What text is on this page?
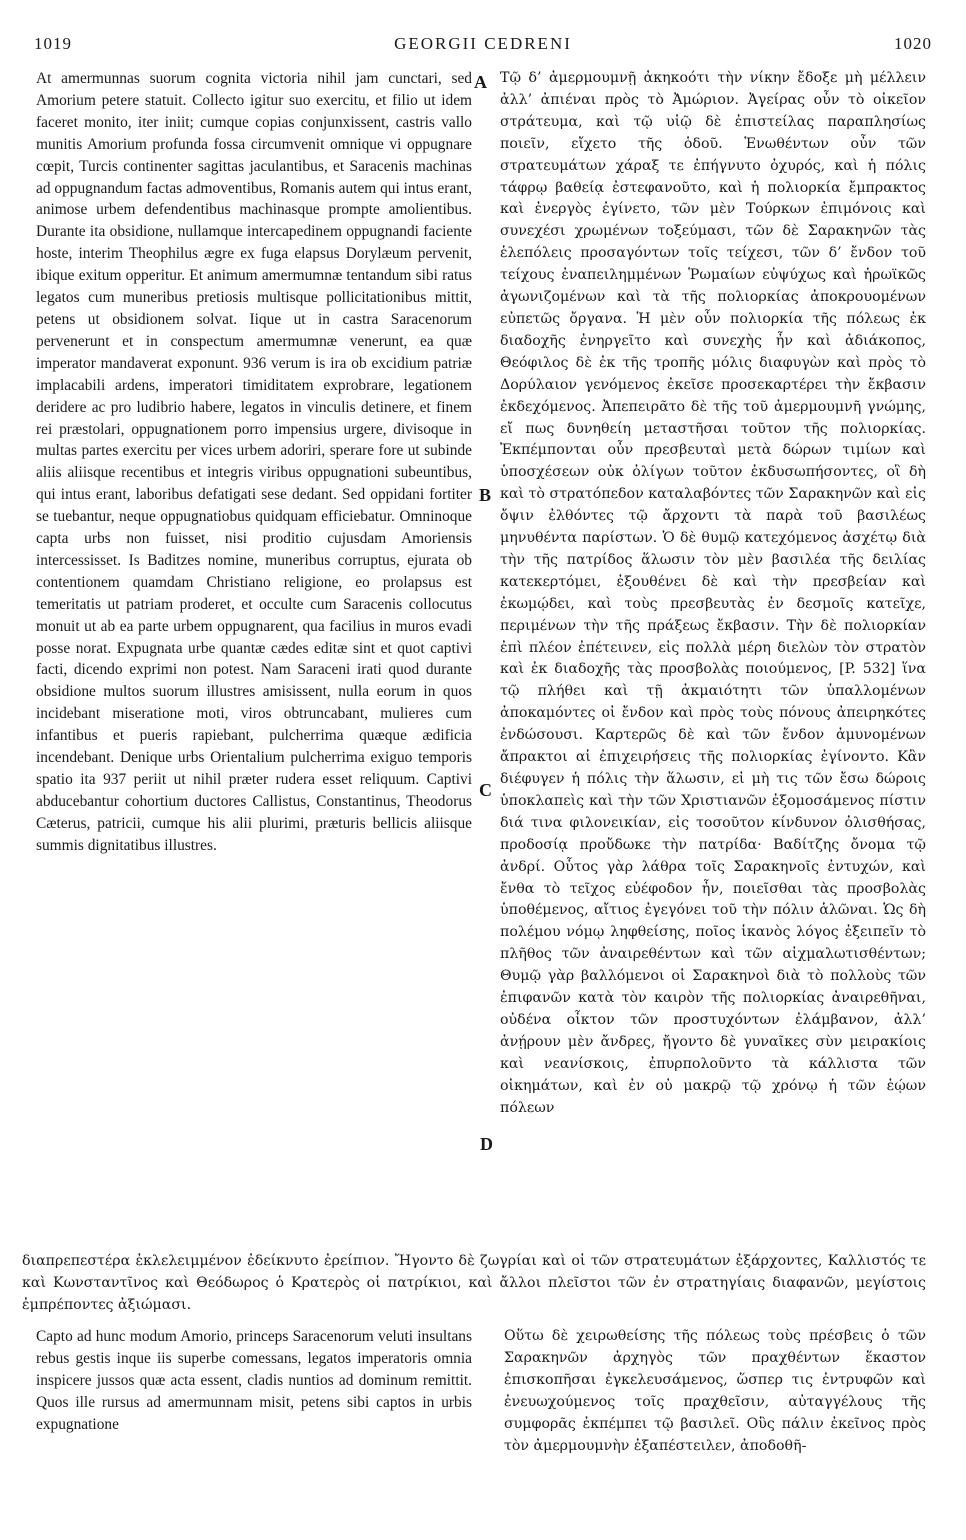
1019	GEORGII CEDRENI	1020

At amermunnas suorum cognita victoria nihil jam cunctari, sed Amorium petere statuit. Collecto igitur suo exercitu, et filio ut idem faceret monito, iter iniit; cumque copias conjunxissent, castris vallo munitis Amorium profunda fossa circumvenit omnique vi oppugnare cœpit, Turcis continenter sagittas jaculantibus, et Saracenis machinas ad oppugnandum factas admoventibus, Romanis autem qui intus erant, animose urbem defendentibus machinasque prompte amolientibus. Durante ita obsidione, nullamque intercapedinem oppugnandi faciente hoste, interim Theophilus ægre ex fuga elapsus Dorylæum pervenit, ibique exitum opperitur. Et animum amermumnæ tentandum sibi ratus legatos cum muneribus pretiosis multisque pollicitationibus mittit, petens ut obsidionem solvat. Iique ut in castra Saracenorum pervenerunt et in conspectum amermumnæ venerunt, ea quæ imperator mandaverat exponunt. 936 verum is ira ob excidium patriæ implacabili ardens, imperatori timiditatem exprobrare, legationem deridere ac pro ludibrio habere, legatos in vinculis detinere, et finem rei præstolari, oppugnationem porro impensius urgere, divisoque in multas partes exercitu per vices urbem adoriri, sperare fore ut subinde aliis aliisque recentibus et integris viribus oppugnationi subeuntibus, qui intus erant, laboribus defatigati sese dedant. Sed oppidani fortiter se tuebantur, neque oppugnatiobus quidquam efficiebatur. Omninoque capta urbs non fuisset, nisi proditio cujusdam Amoriensis intercessisset. Is Baditzes nomine, muneribus corruptus, ejurata ob contentionem quamdam Christiano religione, eo prolapsus est temeritatis ut patriam proderet, et occulte cum Saracenis collocutus monuit ut ab ea parte urbem oppugnarent, qua facilius in muros evadi posse norat. Expugnata urbe quantæ cædes editæ sint et quot captivi facti, dicendo exprimi non potest. Nam Saraceni irati quod durante obsidione multos suorum illustres amisissent, nulla eorum in quos incidebant miseratione moti, viros obtruncabant, mulieres cum infantibus et pueris rapiebant, pulcherrima quæque ædificia incendebant. Denique urbs Orientalium pulcherrima exiguo temporis spatio ita 937 periit ut nihil præter rudera esset reliquum. Captivi abducebantur cohortium ductores Callistus, Constantinus, Theodorus Cæterus, patricii, cumque his alii plurimi, præturis bellicis aliisque summis dignitatibus illustres.

Τῷ δ’ ἀμερμουμνῇ ἀκηκοότι τὴν νίκην ἔδοξε μὴ μέλλειν ἀλλ’ ἀπιέναι πρὸς τὸ Ἀμώριον. Ἀγείρας οὖν τὸ οἰκεῖον στράτευμα, καὶ τῷ υἱῷ δὲ ἐπιστείλας παραπλησίως ποιεῖν, εἴχετο τῆς ὁδοῦ. Ἑνωθέντων οὖν τῶν στρατευμάτων χάραξ τε ἐπήγνυτο ὀχυρός, καὶ ἡ πόλις τάφρῳ βαθείᾳ ἐστεφανοῦτο, καὶ ἡ πολιορκία ἔμπρακτος καὶ ἐνεργὸς ἐγίνετο, τῶν μὲν Τούρκων ἐπιμόνοις καὶ συνεχέσι χρωμένων τοξεύμασι, τῶν δὲ Σαρακηνῶν τὰς ἑλεπόλεις προσαγόντων τοῖς τείχεσι, τῶν δ’ ἔνδον τοῦ τείχους ἐναπειλημμένων Ῥωμαίων εὐψύχως καὶ ἡρωϊκῶς ἀγωνιζομένων καὶ τὰ τῆς πολιορκίας ἀποκρουομένων εὐπετῶς ὄργανα. Ἡ μὲν οὖν πολιορκία τῆς πόλεως ἐκ διαδοχῆς ἐνηργεῖτο καὶ συνεχὴς ἦν καὶ ἀδιάκοπος, Θεόφιλος δὲ ἐκ τῆς τροπῆς μόλις διαφυγὼν καὶ πρὸς τὸ Δορύλαιον γενόμενος ἐκεῖσε προσεκαρτέρει τὴν ἔκβασιν ἐκδεχόμενος. Ἀπεπειρᾶτο δὲ τῆς τοῦ ἀμερμουμνῆ γνώμης, εἴ πως δυνηθείη μεταστῆσαι τοῦτον τῆς πολιορκίας. Ἐκπέμπονται οὖν πρεσβευταὶ μετὰ δώρων τιμίων καὶ ὑποσχέσεων οὐκ ὀλίγων τοῦτον ἐκδυσωπήσοντες, οἳ δὴ καὶ τὸ στρατόπεδον καταλαβόντες τῶν Σαρακηνῶν καὶ εἰς ὄψιν ἐλθόντες τῷ ἄρχοντι τὰ παρὰ τοῦ βασιλέως μηνυθέντα παρίστων. Ὁ δὲ θυμῷ κατεχόμενος ἀσχέτῳ διὰ τὴν τῆς πατρίδος ἅλωσιν τὸν μὲν βασιλέα τῆς δειλίας κατεκερτόμει, ἐξουθένει δὲ καὶ τὴν πρεσβείαν καὶ ἐκωμῴδει, καὶ τοὺς πρεσβευτὰς ἐν δεσμοῖς κατεῖχε, περιμένων τὴν τῆς πράξεως ἔκβασιν. Τὴν δὲ πολιορκίαν ἐπὶ πλέον ἐπέτεινεν, εἰς πολλὰ μέρη διελὼν τὸν στρατὸν καὶ ἐκ διαδοχῆς τὰς προσβολὰς ποιούμενος, [P. 532] ἵνα τῷ πλήθει καὶ τῇ ἀκμαιότητι τῶν ὑπαλλομένων ἀποκαμόντες οἱ ἔνδον καὶ πρὸς τοὺς πόνους ἀπειρηκότες ἐνδώσουσι. Καρτερῶς δὲ καὶ τῶν ἔνδον ἀμυνομένων ἄπρακτοι αἱ ἐπιχειρήσεις τῆς πολιορκίας ἐγίνοντο. Κἂν διέφυγεν ἡ πόλις τὴν ἅλωσιν, εἰ μὴ τις τῶν ἔσω δώροις ὑποκλαπεὶς καὶ τὴν τῶν Χριστιανῶν ἐξομοσάμενος πίστιν διά τινα φιλονεικίαν, εἰς τοσοῦτον κίνδυνον ὀλισθήσας, προδοσίᾳ προὔδωκε τὴν πατρίδα· Βαδίτζης ὄνομα τῷ ἀνδρί. Οὗτος γὰρ λάθρα τοῖς Σαρακηνοῖς ἐντυχών, καὶ ἔνθα τὸ τεῖχος εὐέφοδον ἦν, ποιεῖσθαι τὰς προσβολὰς ὑποθέμενος, αἴτιος ἐγεγόνει τοῦ τὴν πόλιν ἁλῶναι. Ὡς δὴ πολέμου νόμῳ ληφθείσης, ποῖος ἱκανὸς λόγος ἐξειπεῖν τὸ πλῆθος τῶν ἀναιρεθέντων καὶ τῶν αἰχμαλωτισθέντων; Θυμῷ γὰρ βαλλόμενοι οἱ Σαρακηνοὶ διὰ τὸ πολλοὺς τῶν ἐπιφανῶν κατὰ τὸν καιρὸν τῆς πολιορκίας ἀναιρεθῆναι, οὐδένα οἶκτον τῶν προστυχόντων ἐλάμβανον, ἀλλ’ ἀνῄρουν μὲν ἄνδρες, ἤγοντο δὲ γυναῖκες σὺν μειρακίοις καὶ νεανίσκοις, ἐπυρπολοῦντο τὰ κάλλιστα τῶν οἰκημάτων, καὶ ἐν οὐ μακρῷ τῷ χρόνῳ ἡ τῶν ἑῴων πόλεων

A
B
C
D

διαπρεπεστέρα ἐκλελειμμένον ἐδείκνυτο ἐρείπιον. Ἤγοντο δὲ ζωγρίαι καὶ οἱ τῶν στρατευμάτων ἐξάρχοντες, Καλλιστός τε καὶ Κωνσταντῖνος καὶ Θεόδωρος ὁ Κρατερὸς οἱ πατρίκιοι, καὶ ἄλλοι πλεῖστοι τῶν ἐν στρατηγίαις διαφανῶν, μεγίστοις ἐμπρέποντες ἀξιώμασι.

Capto ad hunc modum Amorio, princeps Saracenorum veluti insultans rebus gestis inque iis superbe comessans, legatos imperatoris omnia inspicere jussos quæ acta essent, cladis nuntios ad dominum remittit. Quos ille rursus ad amermunnam misit, petens sibi captos in urbis expugnatione

Οὕτω δὲ χειρωθείσης τῆς πόλεως τοὺς πρέσβεις ὁ τῶν Σαρακηνῶν ἀρχηγὸς τῶν πραχθέντων ἕκαστον ἐπισκοπῆσαι ἐγκελευσάμενος, ὥσπερ τις ἐντρυφῶν καὶ ἐνευωχούμενος τοῖς πραχθεῖσιν, αὐταγγέλους τῆς συμφορᾶς ἐκπέμπει τῷ βασιλεῖ. Οὓς πάλιν ἐκεῖνος πρὸς τὸν ἀμερμουμνὴν ἐξαπέστειλεν, ἀποδοθῆ-
